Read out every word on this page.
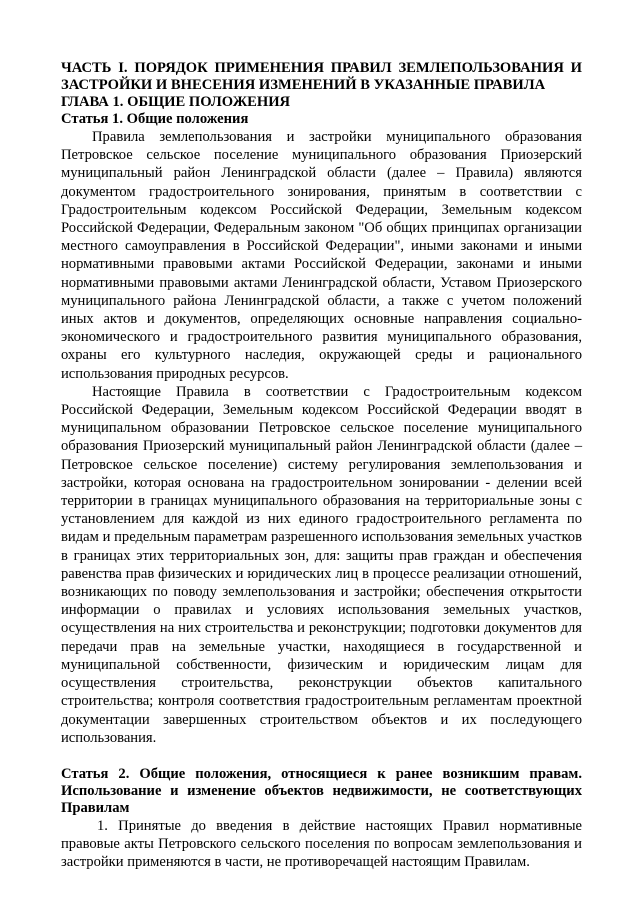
ЧАСТЬ I. ПОРЯДОК ПРИМЕНЕНИЯ ПРАВИЛ ЗЕМЛЕПОЛЬЗОВАНИЯ И ЗАСТРОЙКИ И ВНЕСЕНИЯ ИЗМЕНЕНИЙ В УКАЗАННЫЕ ПРАВИЛА
ГЛАВА 1. ОБЩИЕ ПОЛОЖЕНИЯ
Статья 1. Общие положения

Правила землепользования и застройки муниципального образования Петровское сельское поселение муниципального образования Приозерский муниципальный район Ленинградской области (далее – Правила) являются документом градостроительного зонирования, принятым в соответствии с Градостроительным кодексом Российской Федерации, Земельным кодексом Российской Федерации, Федеральным законом "Об общих принципах организации местного самоуправления в Российской Федерации", иными законами и иными нормативными правовыми актами Российской Федерации, законами и иными нормативными правовыми актами Ленинградской области, Уставом Приозерского муниципального района Ленинградской области, а также с учетом положений иных актов и документов, определяющих основные направления социально-экономического и градостроительного развития муниципального образования, охраны его культурного наследия, окружающей среды и рационального использования природных ресурсов.

Настоящие Правила в соответствии с Градостроительным кодексом Российской Федерации, Земельным кодексом Российской Федерации вводят в муниципальном образовании Петровское сельское поселение муниципального образования Приозерский муниципальный район Ленинградской области (далее – Петровское сельское поселение) систему регулирования землепользования и застройки, которая основана на градостроительном зонировании - делении всей территории в границах муниципального образования на территориальные зоны с установлением для каждой из них единого градостроительного регламента по видам и предельным параметрам разрешенного использования земельных участков в границах этих территориальных зон, для: защиты прав граждан и обеспечения равенства прав физических и юридических лиц в процессе реализации отношений, возникающих по поводу землепользования и застройки; обеспечения открытости информации о правилах и условиях использования земельных участков, осуществления на них строительства и реконструкции; подготовки документов для передачи прав на земельные участки, находящиеся в государственной и муниципальной собственности, физическим и юридическим лицам для осуществления строительства, реконструкции объектов капитального строительства; контроля соответствия градостроительным регламентам проектной документации завершенных строительством объектов и их последующего использования.

Статья 2. Общие положения, относящиеся к ранее возникшим правам. Использование и изменение объектов недвижимости, не соответствующих Правилам

1. Принятые до введения в действие настоящих Правил нормативные правовые акты Петровского сельского поселения по вопросам землепользования и застройки применяются в части, не противоречащей настоящим Правилам.
